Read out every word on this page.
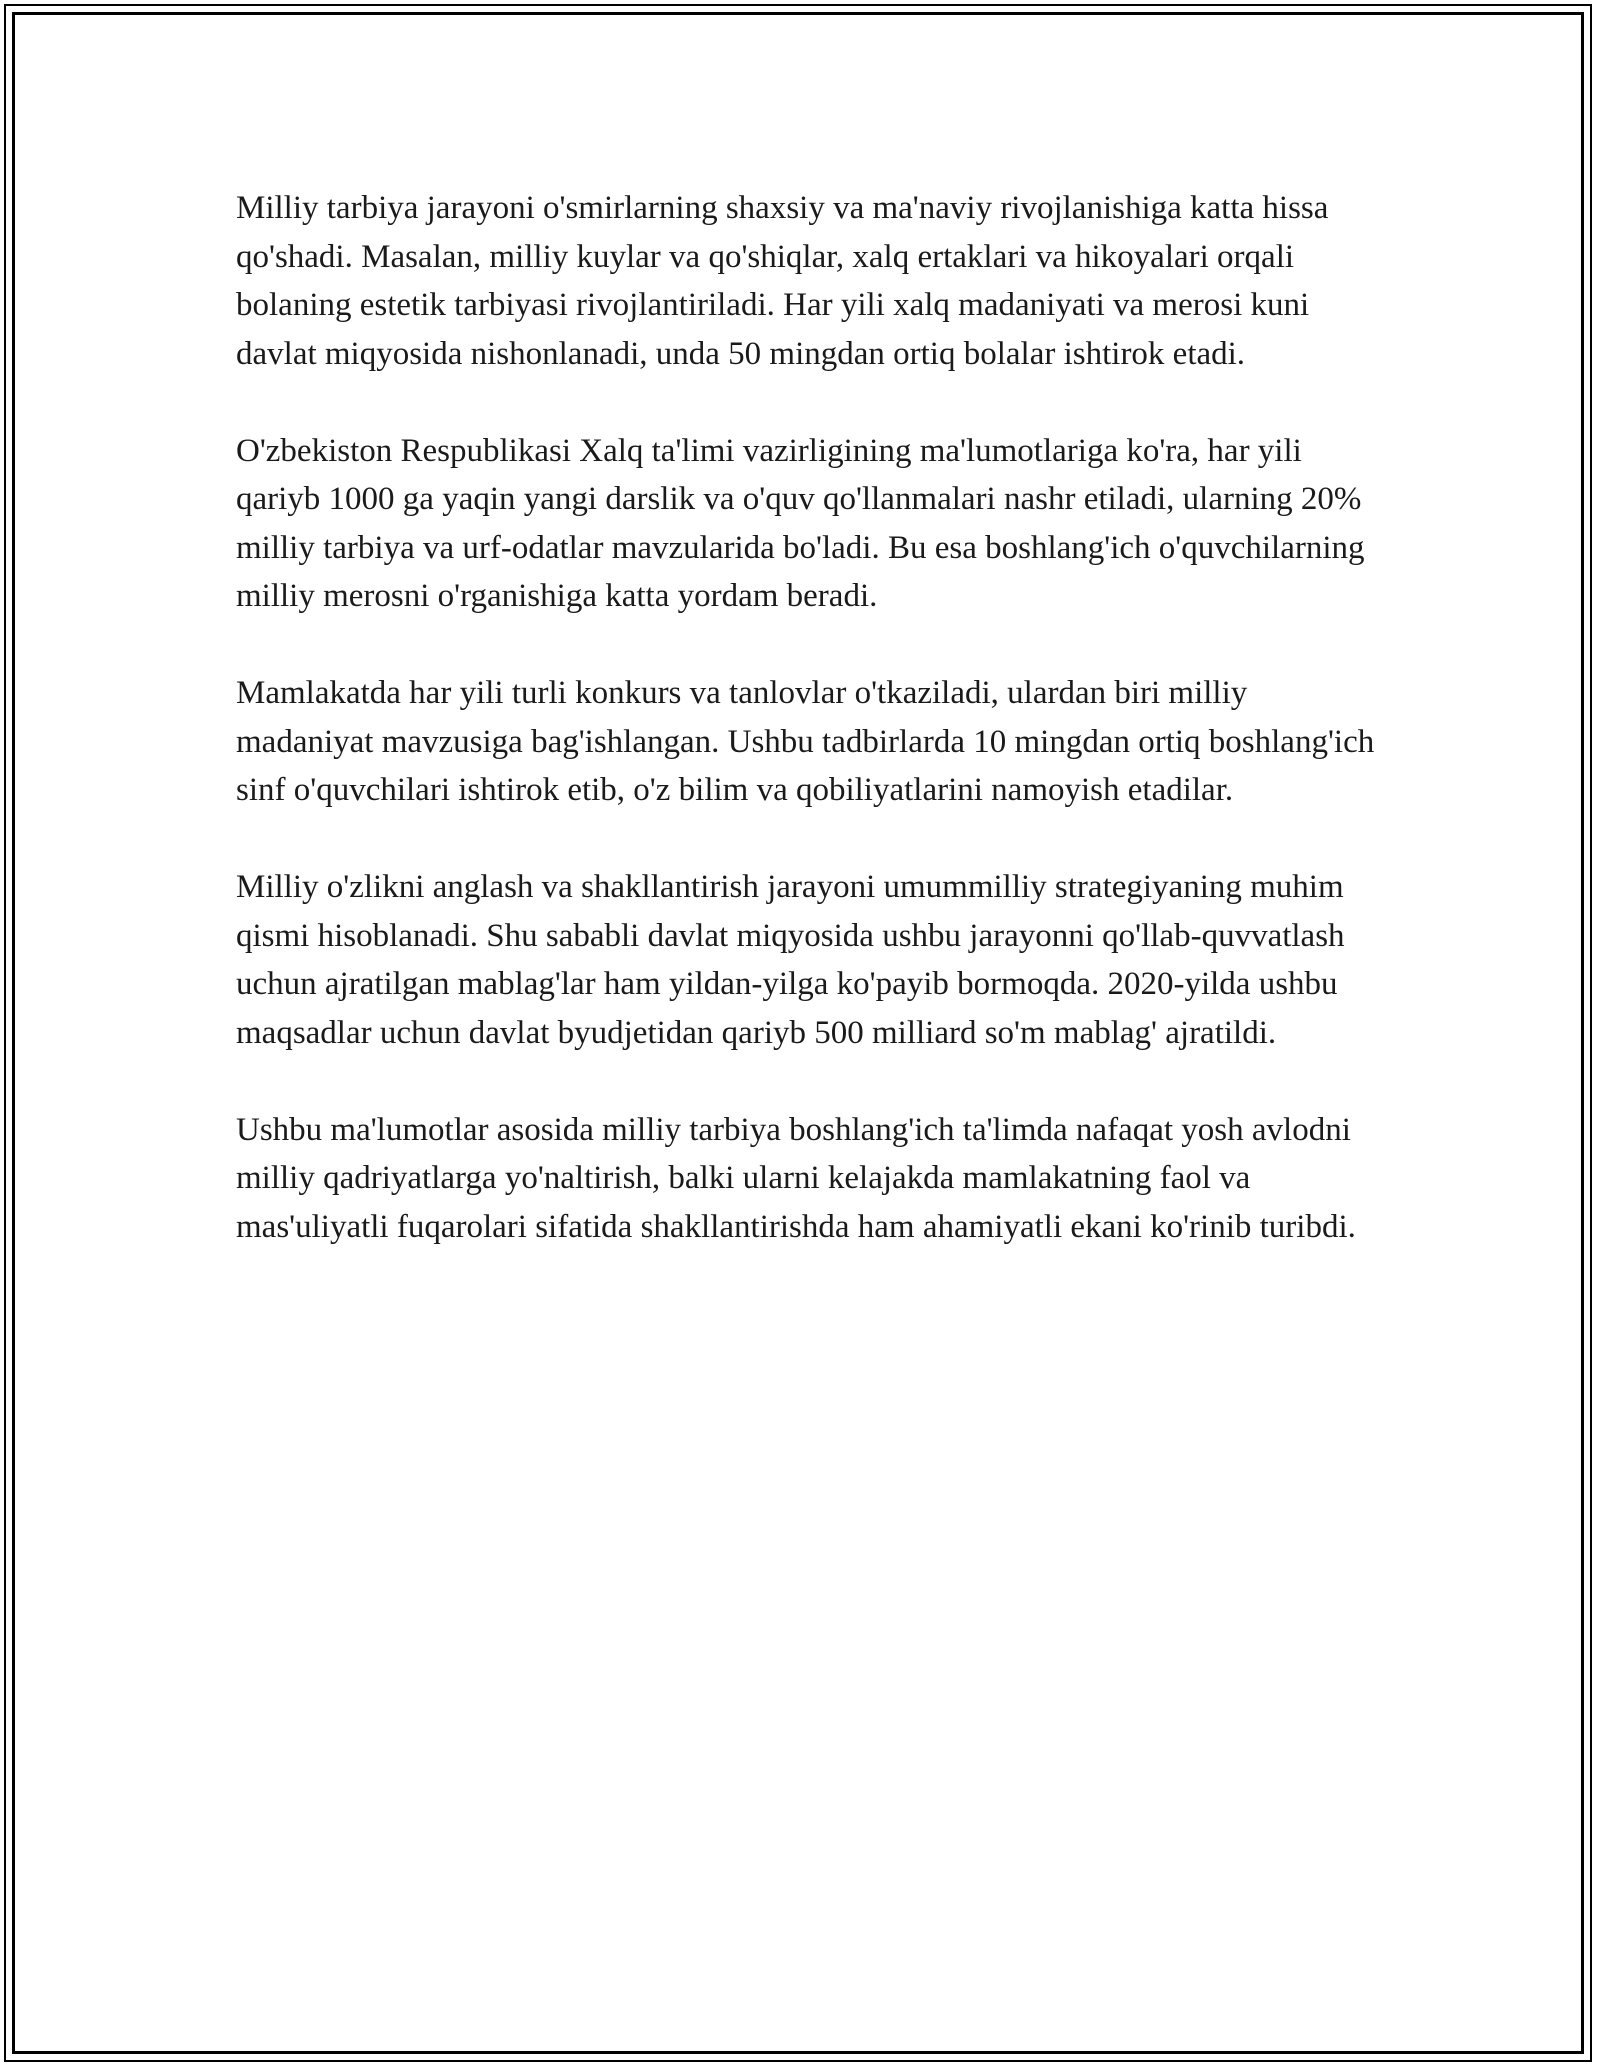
Milliy tarbiya jarayoni o'smirlarning shaxsiy va ma'naviy rivojlanishiga katta hissa qo'shadi. Masalan, milliy kuylar va qo'shiqlar, xalq ertaklari va hikoyalari orqali bolaning estetik tarbiyasi rivojlantiriladi. Har yili xalq madaniyati va merosi kuni davlat miqyosida nishonlanadi, unda 50 mingdan ortiq bolalar ishtirok etadi.

O'zbekiston Respublikasi Xalq ta'limi vazirligining ma'lumotlariga ko'ra, har yili qariyb 1000 ga yaqin yangi darslik va o'quv qo'llanmalari nashr etiladi, ularning 20% milliy tarbiya va urf-odatlar mavzularida bo'ladi. Bu esa boshlang'ich o'quvchilarning milliy merosni o'rganishiga katta yordam beradi.

Mamlakatda har yili turli konkurs va tanlovlar o'tkaziladi, ulardan biri milliy madaniyat mavzusiga bag'ishlangan. Ushbu tadbirlarda 10 mingdan ortiq boshlang'ich sinf o'quvchilari ishtirok etib, o'z bilim va qobiliyatlarini namoyish etadilar.

Milliy o'zlikni anglash va shakllantirish jarayoni umummilliy strategiyaning muhim qismi hisoblanadi. Shu sababli davlat miqyosida ushbu jarayonni qo'llab-quvvatlash uchun ajratilgan mablag'lar ham yildan-yilga ko'payib bormoqda. 2020-yilda ushbu maqsadlar uchun davlat byudjetidan qariyb 500 milliard so'm mablag' ajratildi.

Ushbu ma'lumotlar asosida milliy tarbiya boshlang'ich ta'limda nafaqat yosh avlodni milliy qadriyatlarga yo'naltirish, balki ularni kelajakda mamlakatning faol va mas'uliyatli fuqarolari sifatida shakllantirishda ham ahamiyatli ekani ko'rinib turibdi.
